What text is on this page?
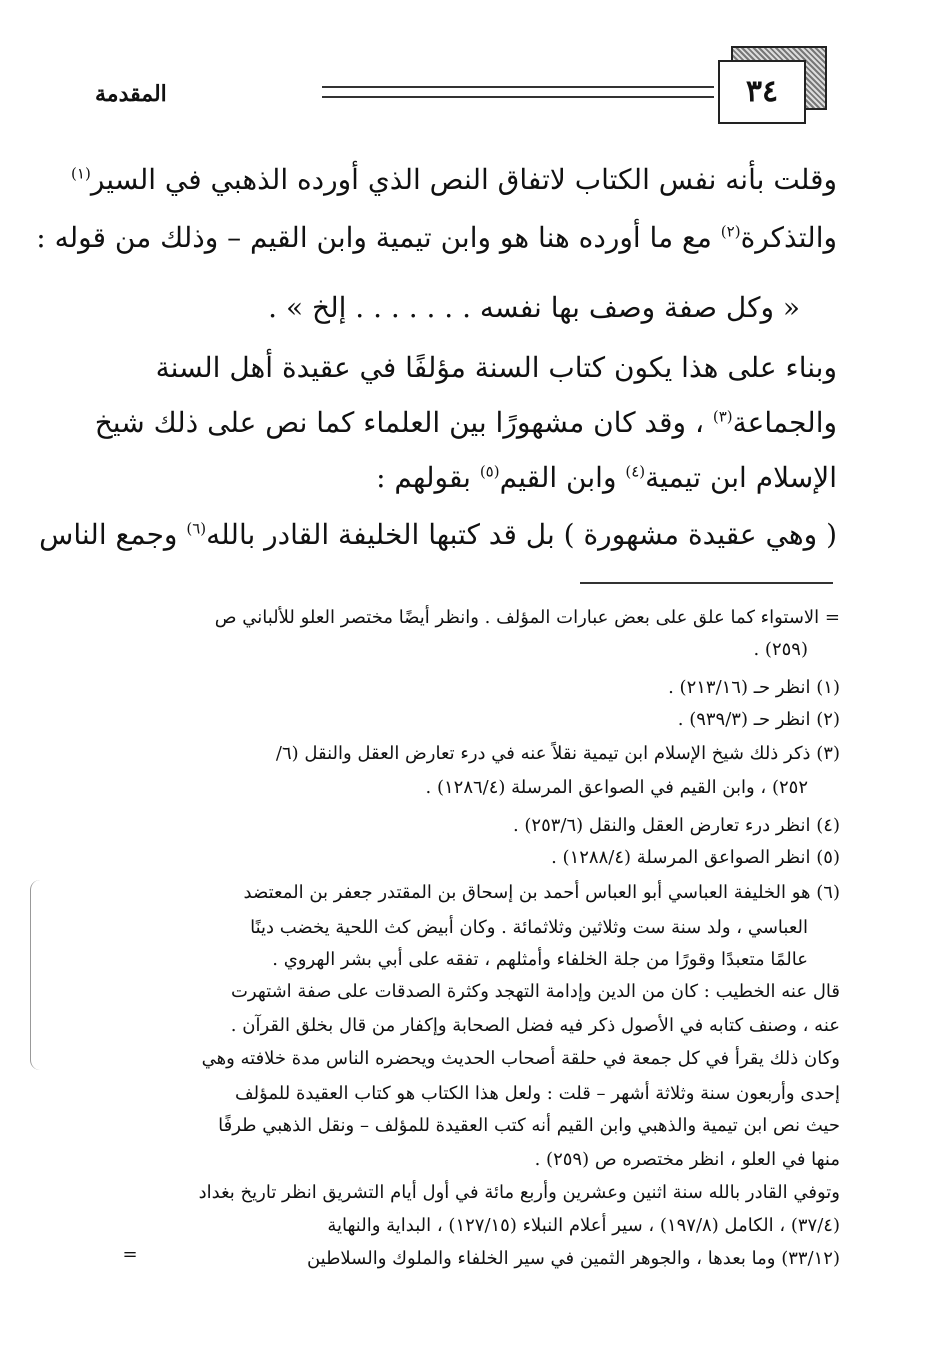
المقدمة	٣٤
وقلت بأنه نفس الكتاب لاتفاق النص الذي أورده الذهبي في السير$^{(١)}$
والتذكرة$^{(٢)}$ مع ما أورده هنا هو وابن تيمية وابن القيم – وذلك من قوله :
وبناء على هذا يكون كتاب السنة مؤلفًا في عقيدة أهل السنة
والجماعة$^{(٣)}$ ، وقد كان مشهورًا بين العلماء كما نص على ذلك شيخ
الإسلام ابن تيمية$^{(٤)}$ وابن القيم$^{(٥)}$ بقولهم :
( وهي عقيدة مشهورة ) بل قد كتبها الخليفة القادر بالله$^{(٦)}$ وجمع الناس
« وكل صفة وصف بها نفسه . . . . . . . إلخ » .
= الاستواء كما علق على بعض عبارات المؤلف . وانظر أيضًا مختصر العلو للألباني ص
(٢٥٩) .
(١) انظر حـ (٢١٣/١٦) .
(٢) انظر حـ (٩٣٩/٣) .
(٣) ذكر ذلك شيخ الإسلام ابن تيمية نقلاً عنه في درء تعارض العقل والنقل (٦/
٢٥٢) ، وابن القيم في الصواعق المرسلة (١٢٨٦/٤) .
(٤) انظر درء تعارض العقل والنقل (٢٥٣/٦) .
(٥) انظر الصواعق المرسلة (١٢٨٨/٤) .
(٦) هو الخليفة العباسي أبو العباس أحمد بن إسحاق بن المقتدر جعفر بن المعتضد
العباسي ، ولد سنة ست وثلاثين وثلاثمائة . وكان أبيض كث اللحية يخضب دينًا
عالمًا متعبدًا وقورًا من جلة الخلفاء وأمثلهم ، تفقه على أبي بشر الهروي .
قال عنه الخطيب : كان من الدين وإدامة التهجد وكثرة الصدقات على صفة اشتهرت
عنه ، وصنف كتابه في الأصول ذكر فيه فضل الصحابة وإكفار من قال بخلق القرآن .
وكان ذلك يقرأ في كل جمعة في حلقة أصحاب الحديث ويحضره الناس مدة خلافته وهي
إحدى وأربعون سنة وثلاثة أشهر – قلت : ولعل هذا الكتاب هو كتاب العقيدة للمؤلف
حيث نص ابن تيمية والذهبي وابن القيم أنه كتب العقيدة للمؤلف – ونقل الذهبي طرفًا
منها في العلو ، انظر مختصره ص (٢٥٩) .
وتوفي القادر بالله سنة اثنين وعشرين وأربع مائة في أول أيام التشريق انظر تاريخ بغداد
(٣٧/٤) ، الكامل (١٩٧/٨) ، سير أعلام النبلاء (١٢٧/١٥) ، البداية والنهاية
(٣٣/١٢) وما بعدها ، والجوهر الثمين في سير الخلفاء والملوك والسلاطين
=
